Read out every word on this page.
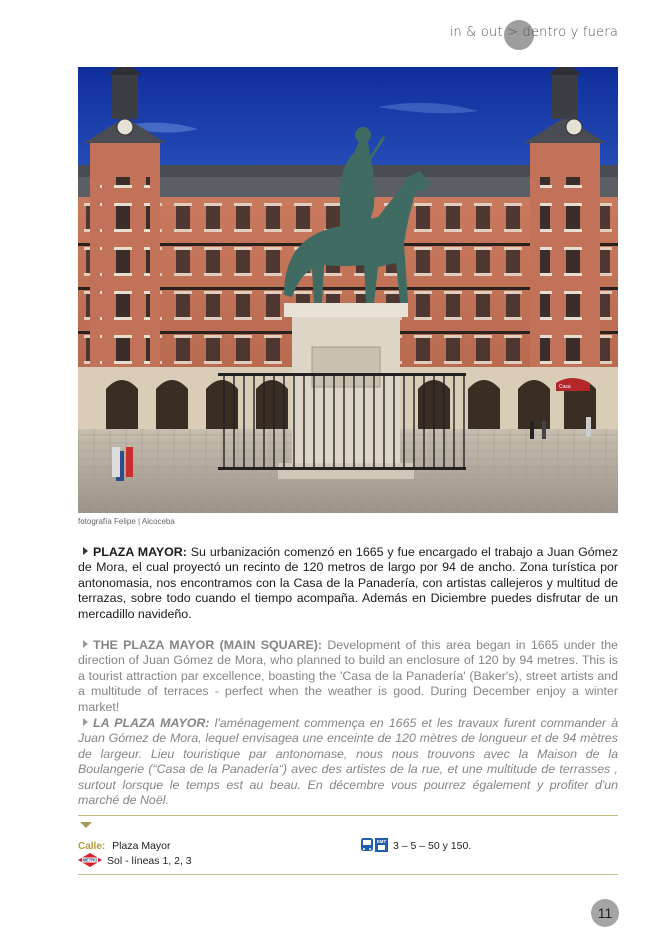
in & out > dentro y fuera
Casa
fotografía Felipe | Alcoceba
PLAZA MAYOR: Su urbanización comenzó en 1665 y fue encargado el trabajo a Juan Gómez de Mora, el cual proyectó un recinto de 120 metros de largo por 94 de ancho. Zona turística por antonomasia, nos encontramos con la Casa de la Panadería, con artistas callejeros y multitud de terrazas, sobre todo cuando el tiempo acompaña. Además en Diciembre puedes disfrutar de un mercadillo navideño.
THE PLAZA MAYOR (MAIN SQUARE): Development of this area began in 1665 under the direction of Juan Gómez de Mora, who planned to build an enclosure of 120 by 94 metres. This is a tourist attraction par excellence, boasting the 'Casa de la Panadería' (Baker's), street artists and a multitude of terraces - perfect when the weather is good. During December enjoy a winter market!
LA PLAZA MAYOR: l'aménagement commença en 1665 et les travaux furent commander à Juan Gómez de Mora, lequel envisagea une enceinte de 120 mètres de longueur et de 94 mètres de largeur. Lieu touristique par antonomase, nous nous trouvons avec la Maison de la Boulangerie (“Casa de la Panadería“) avec des artistes de la rue, et une multitude de terrasses , surtout lorsque le temps est au beau. En décembre vous pourrez également y profiter d'un marché de Noël.
Calle: Plaza Mayor
METRO Sol - líneas 1, 2, 3
EMT 3 – 5 – 50 y 150.
11
